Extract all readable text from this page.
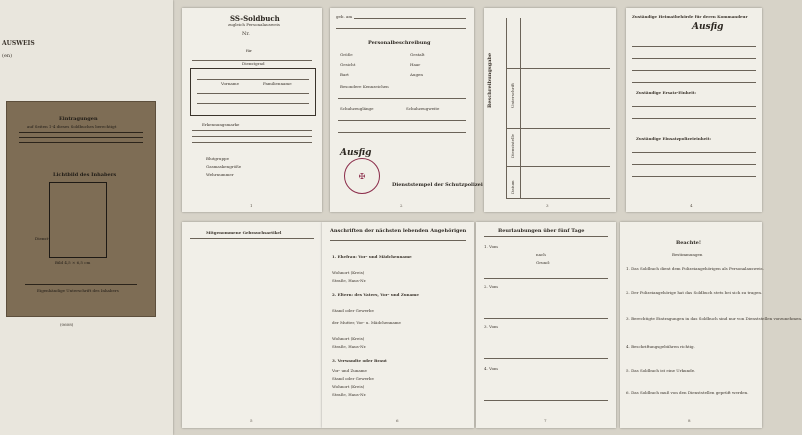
AUSWEIS
(en)
Eintragungen
auf Seiten 1-4 dieses Soldbuches berechtigt
Lichtbild des Inhabers
Dienst-
Bild 4,5 × 6,5 cm
Eigenhändige Unterschrift des Inhabers
(0608)
SS-Soldbuch
zugleich Personalausweis
Nr.
für
Dienstgrad
Vorname	Familienname
Erkennungsmarke
Blutgruppe
Gasmaskengröße
Wehrnummer
1
geb. am
Personalbeschreibung
Größe	Gestalt
Gesicht	Haar
Bart	Augen
Besondere Kennzeichen
Schuhzeuglänge	Schuhzeugweite
Ausfig
✠
Dienststempel der Schutzpolizei
2
Beschreibungsgabe	Unterschrift
Dienststelle
Datum
3
Zuständige Heimatbehörde für deren Kommandeur
Ausfig
Zuständige Ersatz-Einheit:
Zuständige Einsatzpolizeieinheit:
4
Mitgenommene Gebrauchsartikel
5
Anschriften der nächsten lebenden Angehörigen
1. Ehefrau: Vor- und Mädchenname
Wohnort (Kreis)
Straße, Haus-Nr.
2. Eltern: des Vaters, Vor- und Zuname
Stand oder Gewerbe
der Mutter, Vor- u. Mädchenname
Wohnort (Kreis)
Straße, Haus-Nr.
3. Verwandte oder Braut
Vor- und Zuname
Stand oder Gewerbe
Wohnort (Kreis)
Straße, Haus-Nr.
6
Beurlaubungen über fünf Tage
1. Vom
nach
Grund:
2. Vom
3. Vom
4. Vom
7
Beachte!
Bestimmungen
1. Das Soldbuch dient dem Polizeiangehörigen als Personalausweis.
2. Der Polizeiangehörige hat das Soldbuch stets bei sich zu tragen.
3. Berechtigte Eintragungen in das Soldbuch sind nur von Dienststellen vorzunehmen.
4. Beschriftungsgebühren richtig.
5. Das Soldbuch ist eine Urkunde.
6. Das Soldbuch muß von den Dienststellen geprüft werden.
8
